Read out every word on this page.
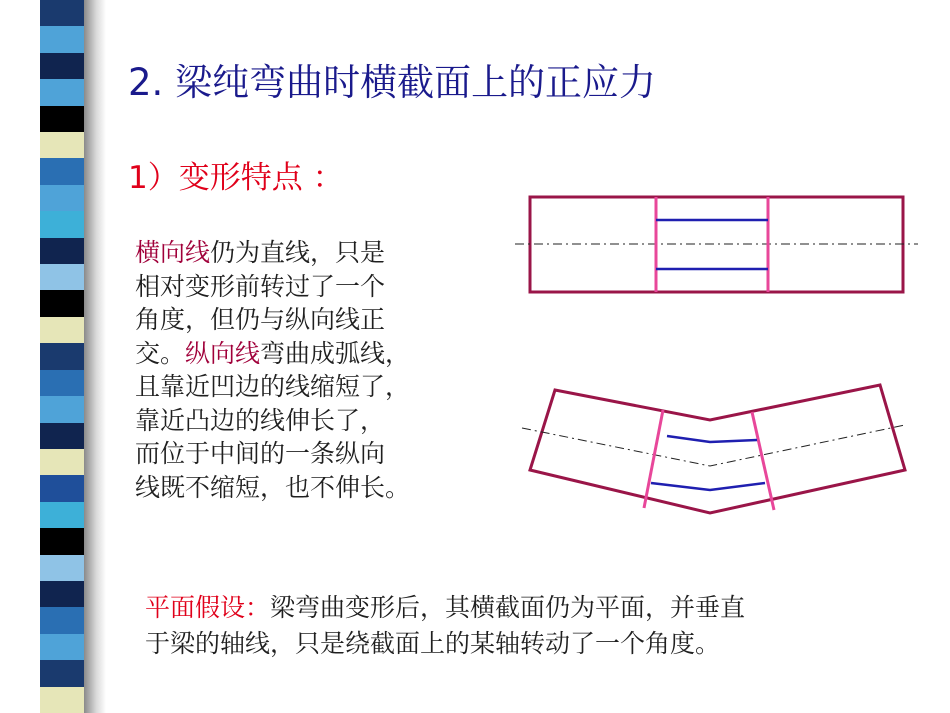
2. 梁纯弯曲时横截面上的正应力
1）变形特点 ：
横向线仍为直线，只是
相对变形前转过了一个
角度，但仍与纵向线正
交。纵向线弯曲成弧线，
且靠近凹边的线缩短了，
靠近凸边的线伸长了，
而位于中间的一条纵向
线既不缩短，也不伸长。
平面假设：梁弯曲变形后，其横截面仍为平面，并垂直
于梁的轴线，只是绕截面上的某轴转动了一个角度。
